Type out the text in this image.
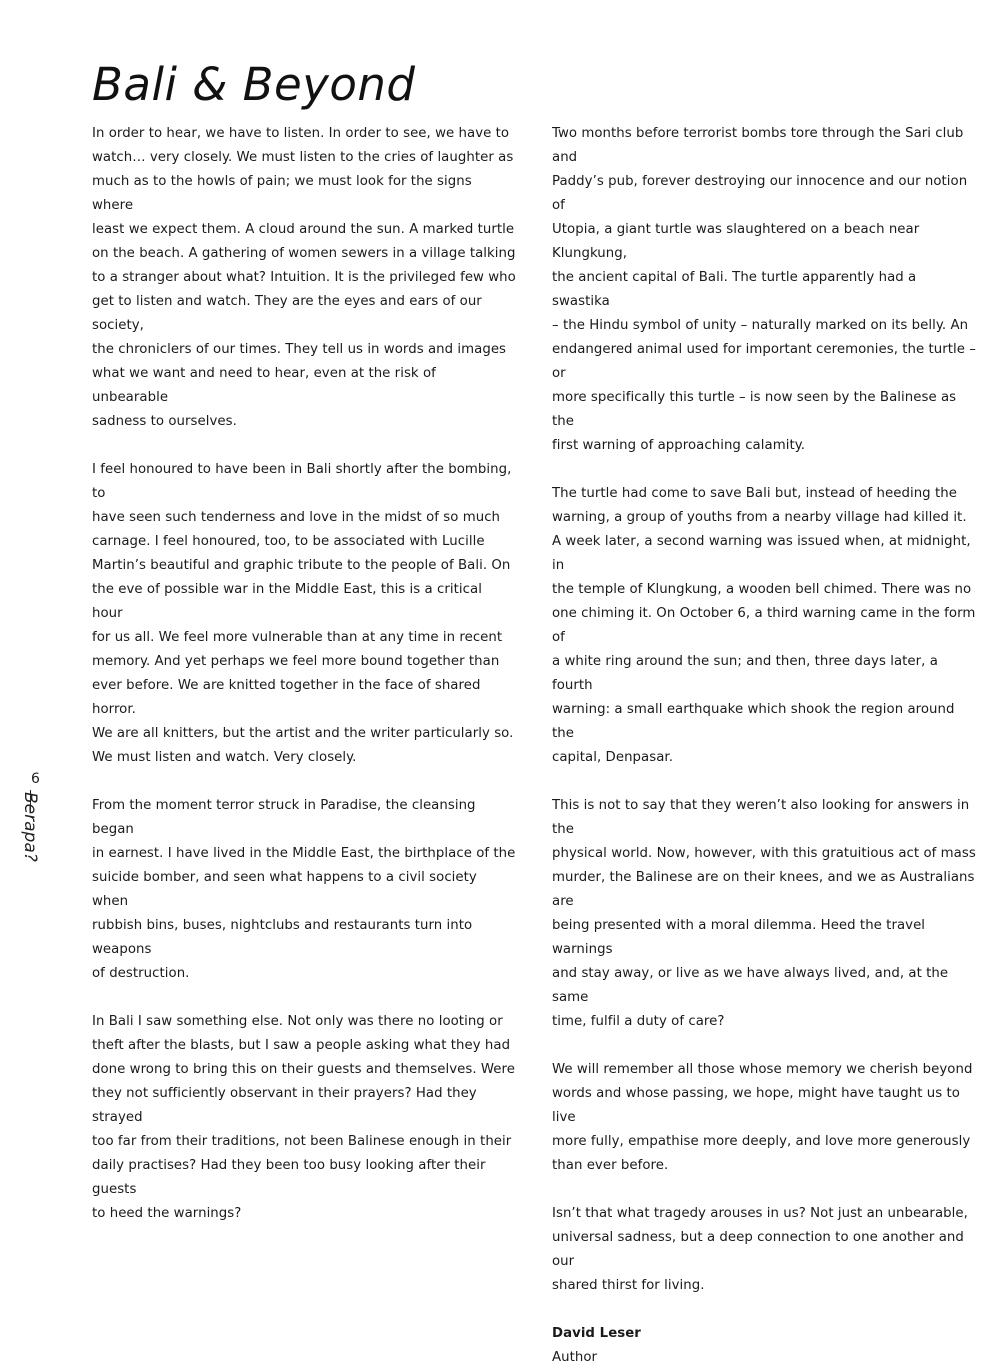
Bali & Beyond

In order to hear, we have to listen. In order to see, we have to
watch… very closely. We must listen to the cries of laughter as
much as to the howls of pain; we must look for the signs where
least we expect them. A cloud around the sun. A marked turtle
on the beach. A gathering of women sewers in a village talking
to a stranger about what? Intuition. It is the privileged few who
get to listen and watch. They are the eyes and ears of our society,
the chroniclers of our times. They tell us in words and images
what we want and need to hear, even at the risk of unbearable
sadness to ourselves.

I feel honoured to have been in Bali shortly after the bombing, to
have seen such tenderness and love in the midst of so much
carnage. I feel honoured, too, to be associated with Lucille
Martin’s beautiful and graphic tribute to the people of Bali. On
the eve of possible war in the Middle East, this is a critical hour
for us all. We feel more vulnerable than at any time in recent
memory. And yet perhaps we feel more bound together than
ever before. We are knitted together in the face of shared horror.
We are all knitters, but the artist and the writer particularly so.
We must listen and watch. Very closely.

From the moment terror struck in Paradise, the cleansing began
in earnest. I have lived in the Middle East, the birthplace of the
suicide bomber, and seen what happens to a civil society when
rubbish bins, buses, nightclubs and restaurants turn into weapons
of destruction.

In Bali I saw something else. Not only was there no looting or
theft after the blasts, but I saw a people asking what they had
done wrong to bring this on their guests and themselves. Were
they not sufficiently observant in their prayers? Had they strayed
too far from their traditions, not been Balinese enough in their
daily practises? Had they been too busy looking after their guests
to heed the warnings?

Two months before terrorist bombs tore through the Sari club and
Paddy’s pub, forever destroying our innocence and our notion of
Utopia, a giant turtle was slaughtered on a beach near Klungkung,
the ancient capital of Bali. The turtle apparently had a swastika
– the Hindu symbol of unity – naturally marked on its belly. An
endangered animal used for important ceremonies, the turtle – or
more specifically this turtle – is now seen by the Balinese as the
first warning of approaching calamity.

The turtle had come to save Bali but, instead of heeding the
warning, a group of youths from a nearby village had killed it.
A week later, a second warning was issued when, at midnight, in
the temple of Klungkung, a wooden bell chimed. There was no
one chiming it. On October 6, a third warning came in the form of
a white ring around the sun; and then, three days later, a fourth
warning: a small earthquake which shook the region around the
capital, Denpasar.

This is not to say that they weren’t also looking for answers in the
physical world. Now, however, with this gratuitious act of mass
murder, the Balinese are on their knees, and we as Australians are
being presented with a moral dilemma. Heed the travel warnings
and stay away, or live as we have always lived, and, at the same
time, fulfil a duty of care?

We will remember all those whose memory we cherish beyond
words and whose passing, we hope, might have taught us to live
more fully, empathise more deeply, and love more generously
than ever before.

Isn’t that what tragedy arouses in us? Not just an unbearable,
universal sadness, but a deep connection to one another and our
shared thirst for living.

David Leser
Author
6
Berapa?
